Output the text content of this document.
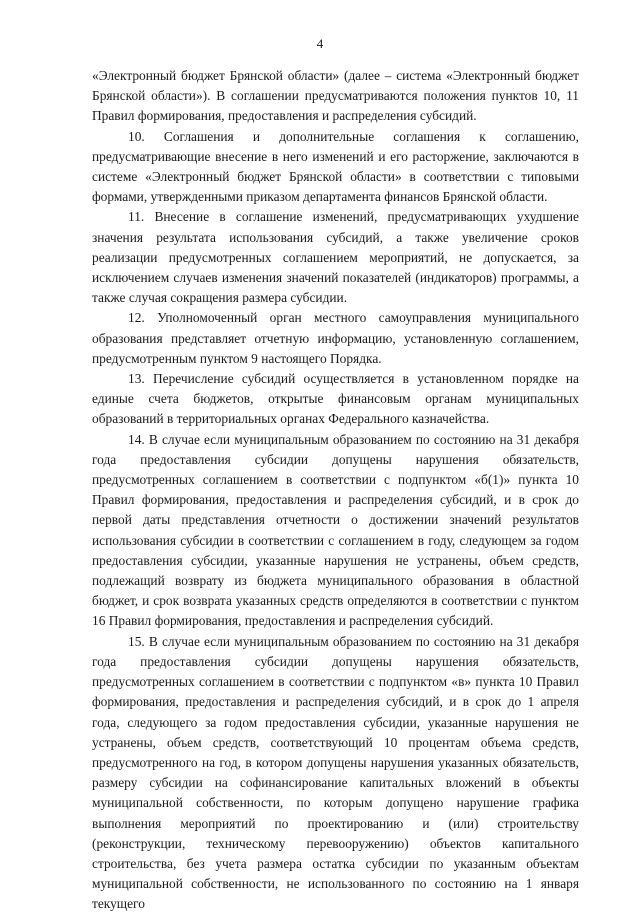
4

«Электронный бюджет Брянской области» (далее – система «Электронный бюджет Брянской области»). В соглашении предусматриваются положения пунктов 10, 11 Правил формирования, предоставления и распределения субсидий.

10. Соглашения и дополнительные соглашения к соглашению, предусматривающие внесение в него изменений и его расторжение, заключаются в системе «Электронный бюджет Брянской области» в соответствии с типовыми формами, утвержденными приказом департамента финансов Брянской области.

11. Внесение в соглашение изменений, предусматривающих ухудшение значения результата использования субсидий, а также увеличение сроков реализации предусмотренных соглашением мероприятий, не допускается, за исключением случаев изменения значений показателей (индикаторов) программы, а также случая сокращения размера субсидии.

12. Уполномоченный орган местного самоуправления муниципального образования представляет отчетную информацию, установленную соглашением, предусмотренным пунктом 9 настоящего Порядка.

13. Перечисление субсидий осуществляется в установленном порядке на единые счета бюджетов, открытые финансовым органам муниципальных образований в территориальных органах Федерального казначейства.

14. В случае если муниципальным образованием по состоянию на 31 декабря года предоставления субсидии допущены нарушения обязательств, предусмотренных соглашением в соответствии с подпунктом «б(1)» пункта 10 Правил формирования, предоставления и распределения субсидий, и в срок до первой даты представления отчетности о достижении значений результатов использования субсидии в соответствии с соглашением в году, следующем за годом предоставления субсидии, указанные нарушения не устранены, объем средств, подлежащий возврату из бюджета муниципального образования в областной бюджет, и срок возврата указанных средств определяются в соответствии с пунктом 16 Правил формирования, предоставления и распределения субсидий.

15. В случае если муниципальным образованием по состоянию на 31 декабря года предоставления субсидии допущены нарушения обязательств, предусмотренных соглашением в соответствии с подпунктом «в» пункта 10 Правил формирования, предоставления и распределения субсидий, и в срок до 1 апреля года, следующего за годом предоставления субсидии, указанные нарушения не устранены, объем средств, соответствующий 10 процентам объема средств, предусмотренного на год, в котором допущены нарушения указанных обязательств, размеру субсидии на софинансирование капитальных вложений в объекты муниципальной собственности, по которым допущено нарушение графика выполнения мероприятий по проектированию и (или) строительству (реконструкции, техническому перевооружению) объектов капитального строительства, без учета размера остатка субсидии по указанным объектам муниципальной собственности, не использованного по состоянию на 1 января текущего
